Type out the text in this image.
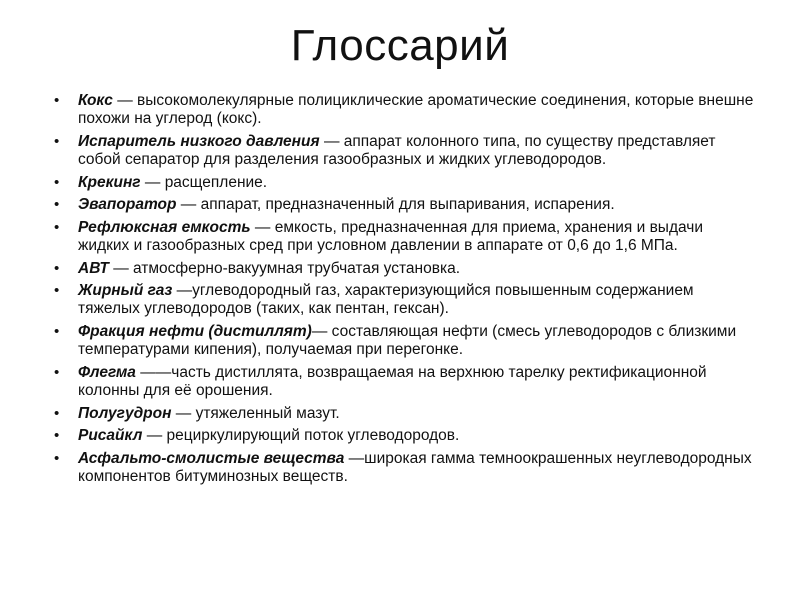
Глоссарий
• Кокс — высокомолекулярные полициклические ароматические соединения, которые внешне похожи на углерод (кокс).
• Испаритель низкого давления — аппарат колонного типа, по существу представляет собой сепаратор для разделения газообразных и жидких углеводородов.
• Крекинг — расщепление.
• Эвапоратор — аппарат, предназначенный для выпаривания, испарения.
• Рефлюксная емкость — емкость, предназначенная для приема, хранения и выдачи жидких и газообразных сред при условном давлении в аппарате от 0,6 до 1,6 МПа.
• АВТ — атмосферно-вакуумная трубчатая установка.
• Жирный газ —углеводородный газ, характеризующийся повышенным содержанием тяжелых углеводородов (таких, как пентан, гексан).
• Фракция нефти (дистиллят)— составляющая нефти (смесь углеводородов с близкими температурами кипения), получаемая при перегонке.
• Флегма ——часть дистиллята, возвращаемая на верхнюю тарелку ректификационной колонны для её орошения.
• Полугудрон — утяжеленный мазут.
• Рисайкл — рециркулирующий поток углеводородов.
• Асфальто-смолистые вещества —широкая гамма темноокрашенных неуглеводородных компонентов битуминозных веществ.
